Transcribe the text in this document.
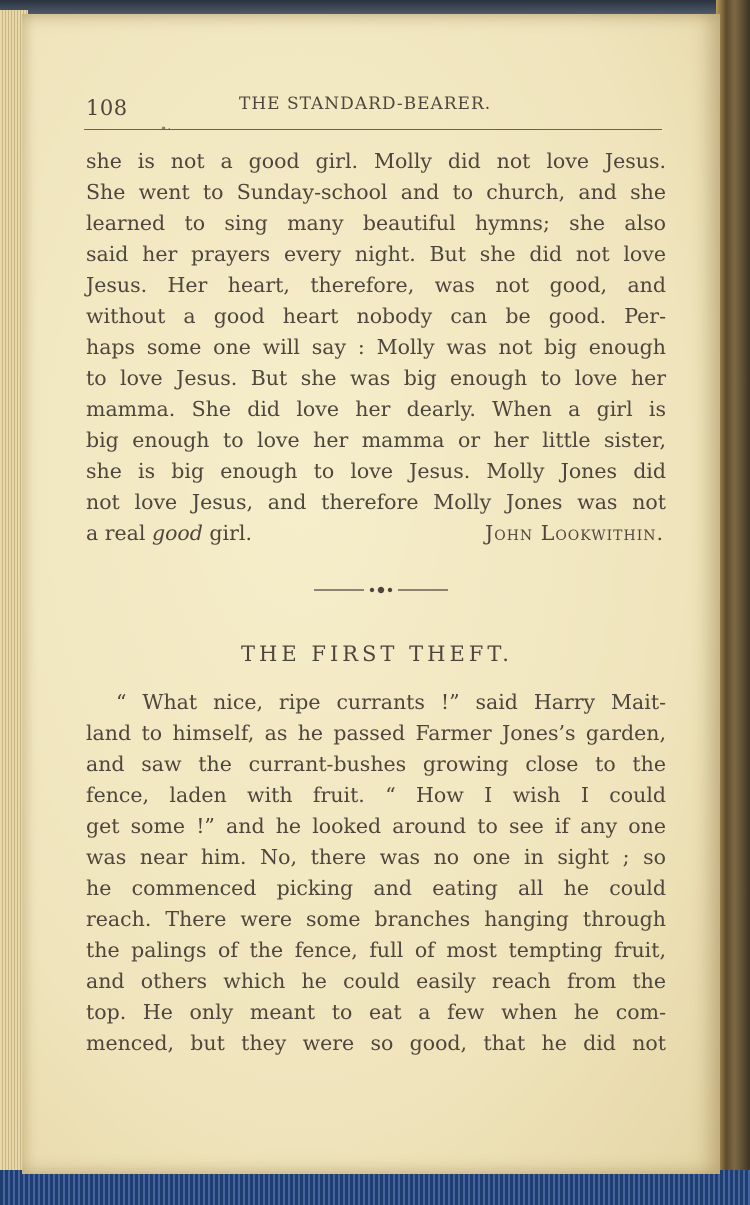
108	THE STANDARD-BEARER.
•⋅

she is not a good girl. Molly did not love Jesus.

She went to Sunday-school and to church, and she

learned to sing many beautiful hymns; she also

said her prayers every night. But she did not love

Jesus. Her heart, therefore, was not good, and

without a good heart nobody can be good. Per-

haps some one will say : Molly was not big enough

to love Jesus. But she was big enough to love her

mamma. She did love her dearly. When a girl is

big enough to love her mamma or her little sister,

she is big enough to love Jesus. Molly Jones did

not love Jesus, and therefore Molly Jones was not

a real good girl.	John Lookwithin.

THE FIRST THEFT.

“ What nice, ripe currants !” said Harry Mait-

land to himself, as he passed Farmer Jones’s garden,

and saw the currant-bushes growing close to the

fence, laden with fruit. “ How I wish I could

get some !” and he looked around to see if any one

was near him. No, there was no one in sight ; so

he commenced picking and eating all he could

reach. There were some branches hanging through

the palings of the fence, full of most tempting fruit,

and others which he could easily reach from the

top. He only meant to eat a few when he com-

menced, but they were so good, that he did not
